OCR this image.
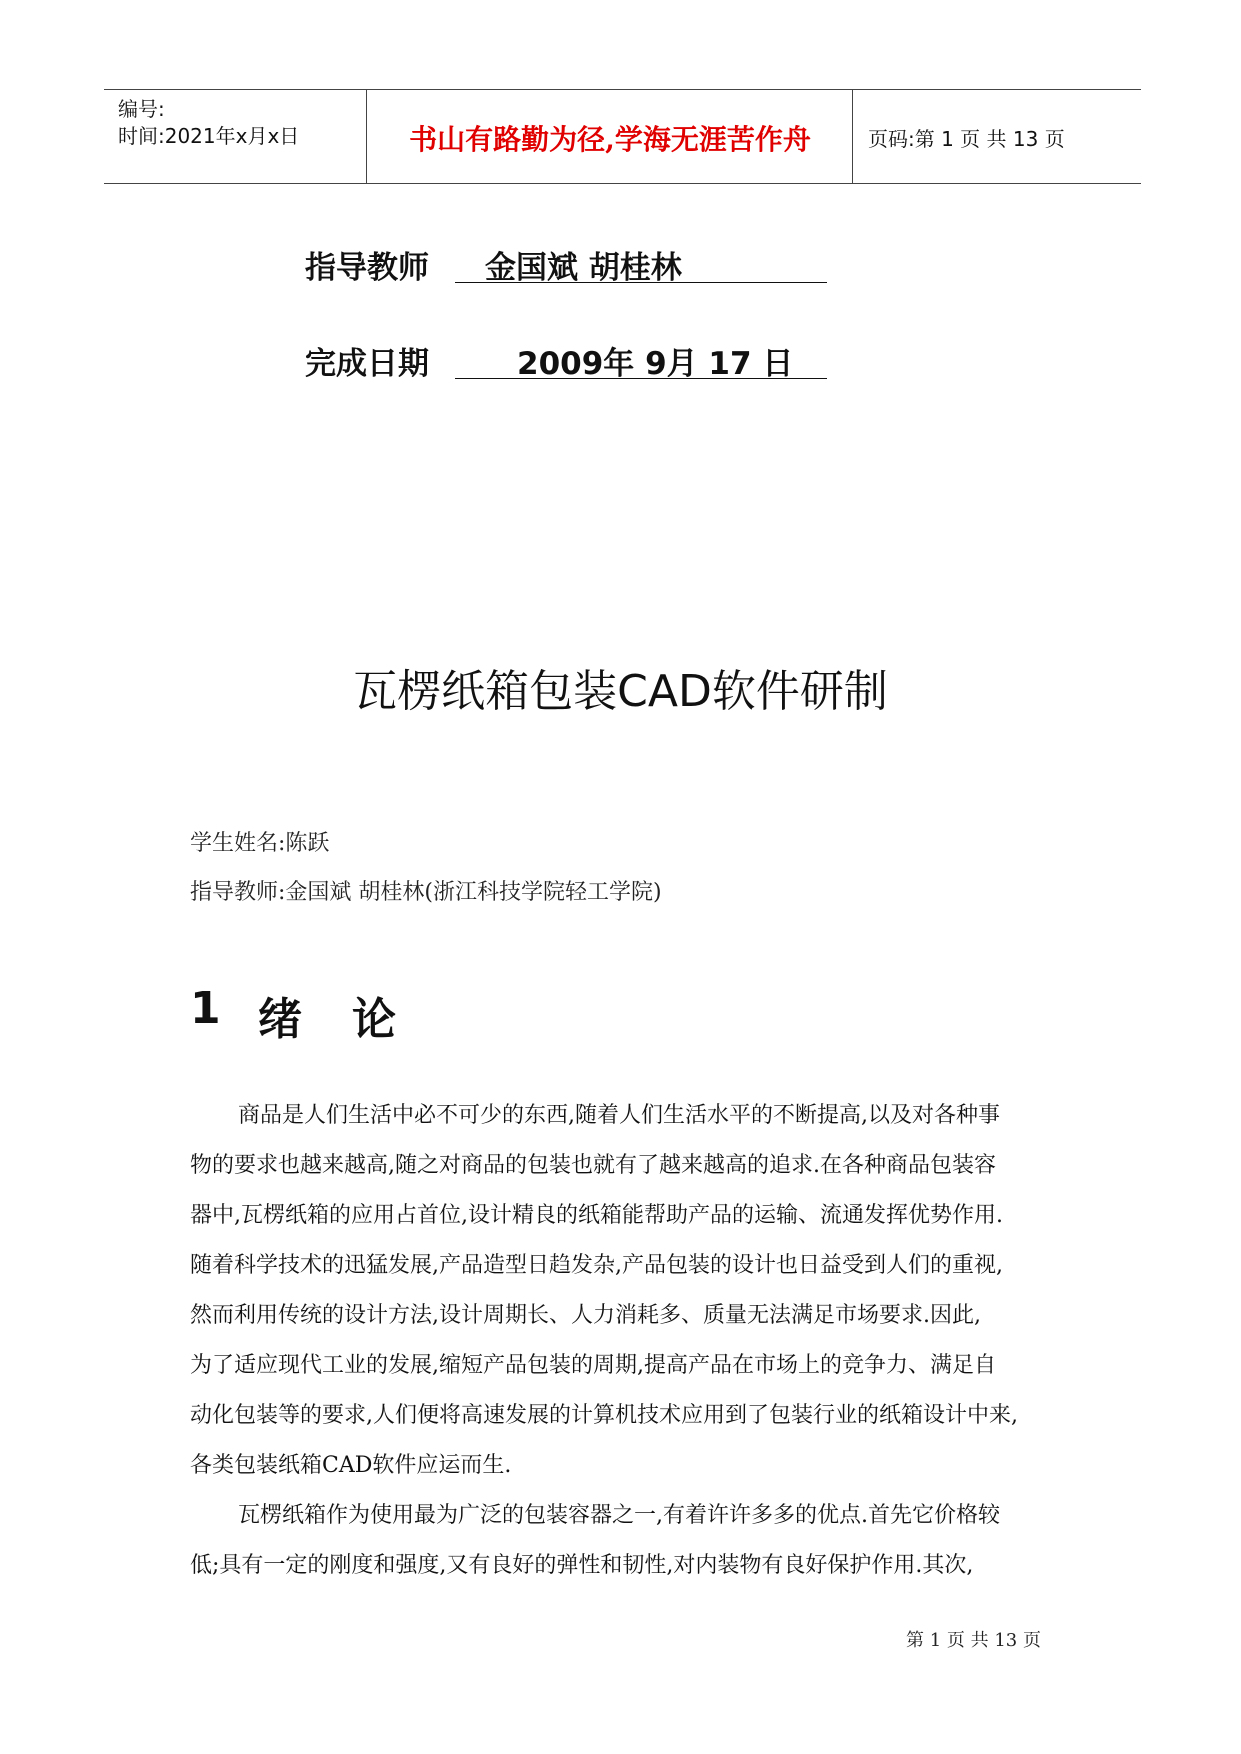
编号:
时间:2021年x月x日	书山有路勤为径,学海无涯苦作舟	页码:第 1 页 共 13 页
指导教师 金国斌 胡桂林
完成日期	2009年 9月 17 日
瓦楞纸箱包装CAD软件研制
学生姓名:陈跃
指导教师:金国斌 胡桂林(浙江科技学院轻工学院)
1 绪 论
商品是人们生活中必不可少的东西,随着人们生活水平的不断提高,以及对各种事
物的要求也越来越高,随之对商品的包装也就有了越来越高的追求.在各种商品包装容
器中,瓦楞纸箱的应用占首位,设计精良的纸箱能帮助产品的运输、流通发挥优势作用.
随着科学技术的迅猛发展,产品造型日趋发杂,产品包装的设计也日益受到人们的重视,
然而利用传统的设计方法,设计周期长、人力消耗多、质量无法满足市场要求.因此,
为了适应现代工业的发展,缩短产品包装的周期,提高产品在市场上的竞争力、满足自
动化包装等的要求,人们便将高速发展的计算机技术应用到了包装行业的纸箱设计中来,
各类包装纸箱CAD软件应运而生.
瓦楞纸箱作为使用最为广泛的包装容器之一,有着许许多多的优点.首先它价格较
低;具有一定的刚度和强度,又有良好的弹性和韧性,对内装物有良好保护作用.其次,
第 1 页 共 13 页
